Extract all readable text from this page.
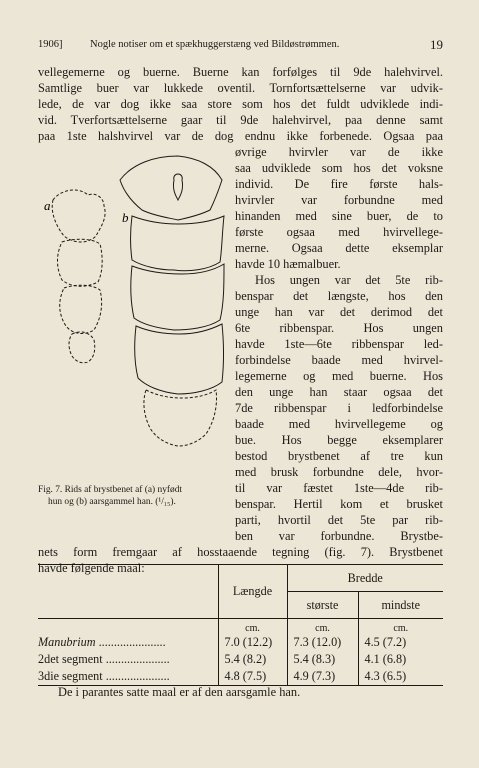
1906]	Nogle notiser om et spækhuggerstæng ved Bildøstrømmen.	19
vellegemerne og buerne. Buerne kan forfølges til 9de halehvirvel.
Samtlige buer var lukkede oventil. Tornfortsættelserne var udvik-
lede, de var dog ikke saa store som hos det fuldt udviklede indi-
vid. Tverfortsættelserne gaar til 9de halehvirvel, paa denne samt
paa 1ste halshvirvel var de dog endnu ikke forbenede. Ogsaa paa
øvrige hvirvler var de ikke
saa udviklede som hos det voksne
individ. De fire første hals-
hvirvler var forbundne med
hinanden med sine buer, de to
første ogsaa med hvirvellege-
merne. Ogsaa dette eksemplar
havde 10 hæmalbuer.
Hos ungen var det 5te rib-
benspar det længste, hos den
unge han var det derimod det
6te ribbenspar. Hos ungen
havde 1ste—6te ribbenspar led-
forbindelse baade med hvirvel-
legemerne og med buerne. Hos
den unge han staar ogsaa det
7de ribbenspar i ledforbindelse
baade med hvirvellegeme og
bue. Hos begge eksemplarer
bestod brystbenet af tre kun
med brusk forbundne dele, hvor-
til var fæstet 1ste—4de rib-
benspar. Hertil kom et brusket
parti, hvortil det 5te par rib-
ben var forbundne. Brystbe-
a
b
Fig. 7. Rids af brystbenet af (a) nyfødt
hun og (b) aarsgammel han. (¹/₁₅).
nets form fremgaar af hosstaaende tegning (fig. 7). Brystbenet
havde følgende maal:
	Længde	Bredde	
		største	mindste
	cm.	cm.	cm.
Manubrium ......................	7.0 (12.2)	7.3 (12.0)	4.5 (7.2)
2det segment .....................	5.4 (8.2)	5.4 (8.3)	4.1 (6.8)
3die segment .....................	4.8 (7.5)	4.9 (7.3)	4.3 (6.5)
De i parantes satte maal er af den aarsgamle han.
